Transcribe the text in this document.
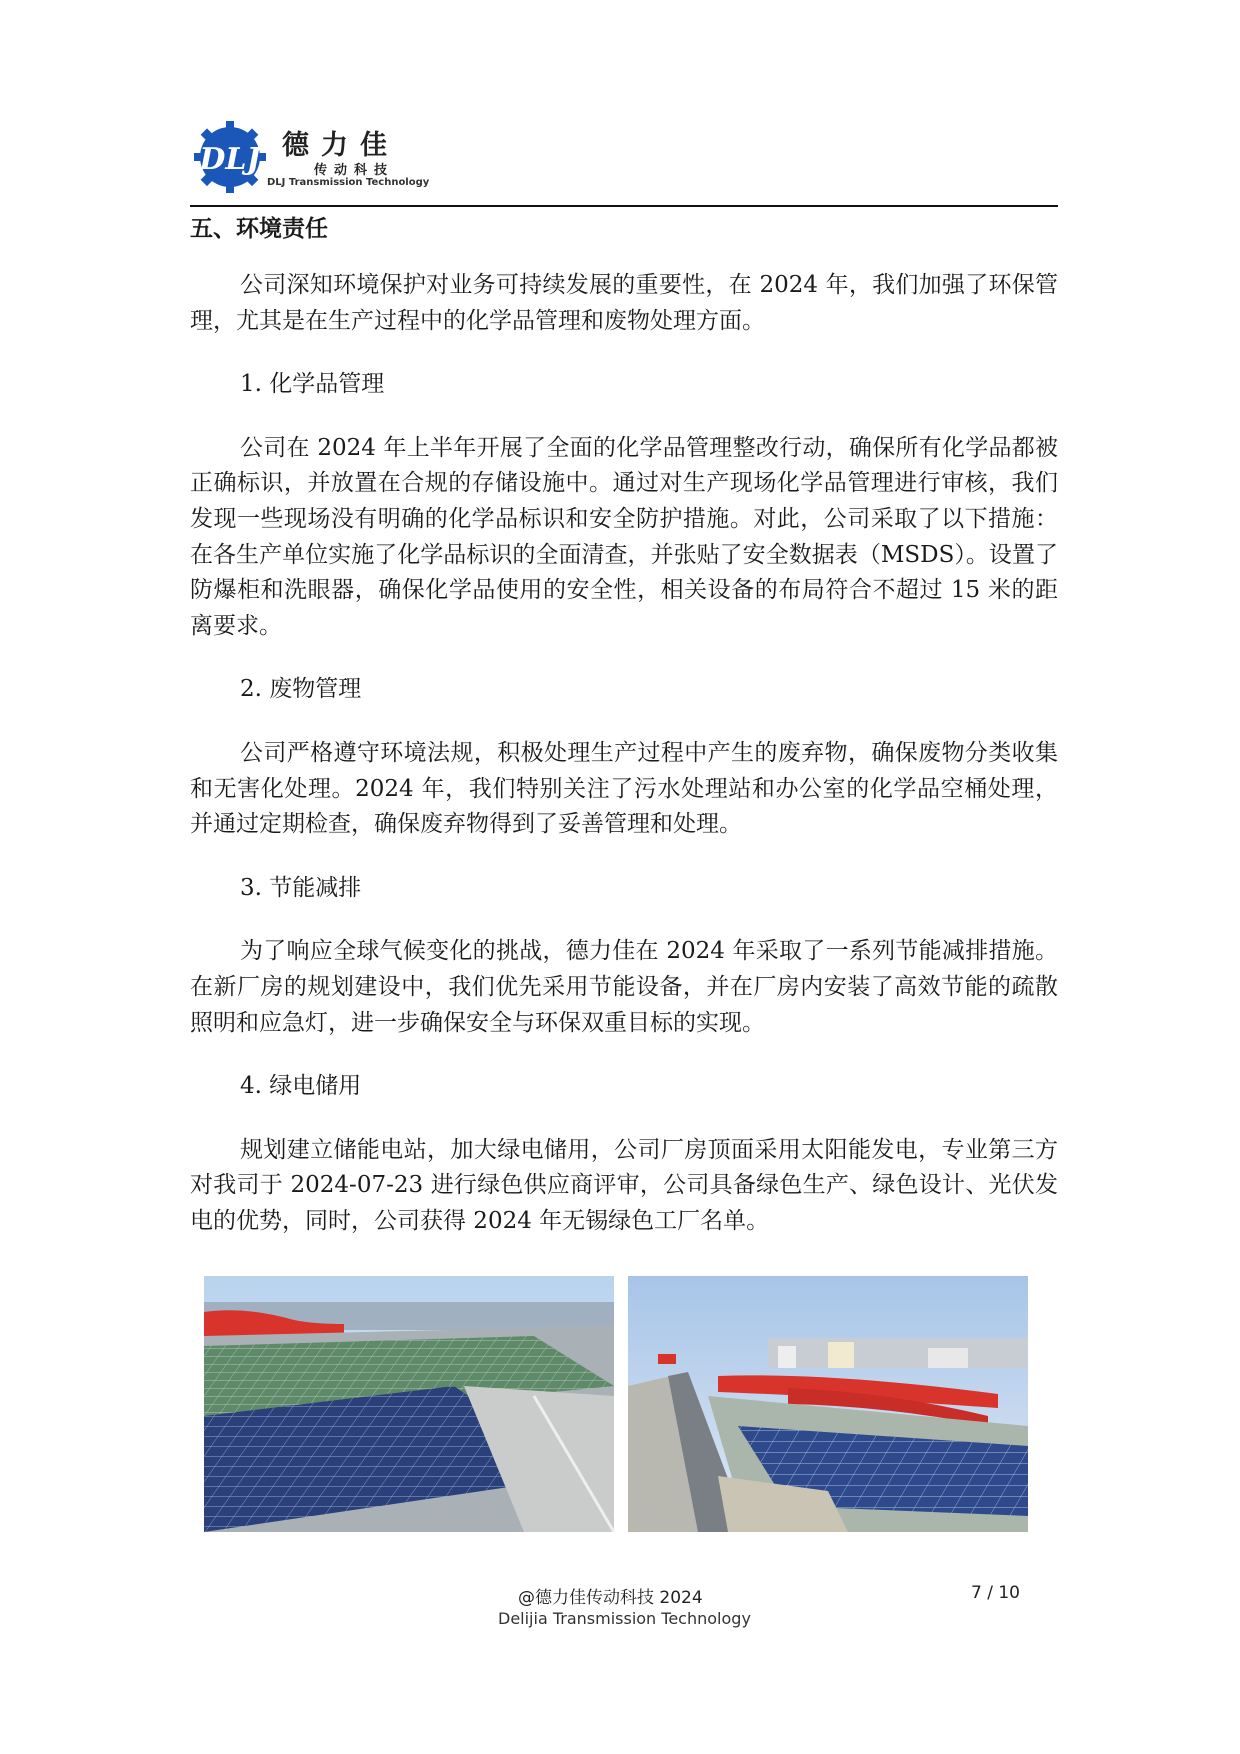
DLJ 德力佳
传动科技
DLJ Transmission Technology
五、环境责任

公司深知环境保护对业务可持续发展的重要性，在 2024 年，我们加强了环保管理，尤其是在生产过程中的化学品管理和废物处理方面。

1. 化学品管理

公司在 2024 年上半年开展了全面的化学品管理整改行动，确保所有化学品都被正确标识，并放置在合规的存储设施中。通过对生产现场化学品管理进行审核，我们发现一些现场没有明确的化学品标识和安全防护措施。对此，公司采取了以下措施：在各生产单位实施了化学品标识的全面清查，并张贴了安全数据表（MSDS）。设置了防爆柜和洗眼器，确保化学品使用的安全性，相关设备的布局符合不超过 15 米的距离要求。

2. 废物管理

公司严格遵守环境法规，积极处理生产过程中产生的废弃物，确保废物分类收集和无害化处理。2024 年，我们特别关注了污水处理站和办公室的化学品空桶处理，并通过定期检查，确保废弃物得到了妥善管理和处理。

3. 节能减排

为了响应全球气候变化的挑战，德力佳在 2024 年采取了一系列节能减排措施。在新厂房的规划建设中，我们优先采用节能设备，并在厂房内安装了高效节能的疏散照明和应急灯，进一步确保安全与环保双重目标的实现。

4. 绿电储用

规划建立储能电站，加大绿电储用，公司厂房顶面采用太阳能发电，专业第三方对我司于 2024-07-23 进行绿色供应商评审，公司具备绿色生产、绿色设计、光伏发电的优势，同时，公司获得 2024 年无锡绿色工厂名单。

@德力佳传动科技 2024	7 / 10
Delijia Transmission Technology
